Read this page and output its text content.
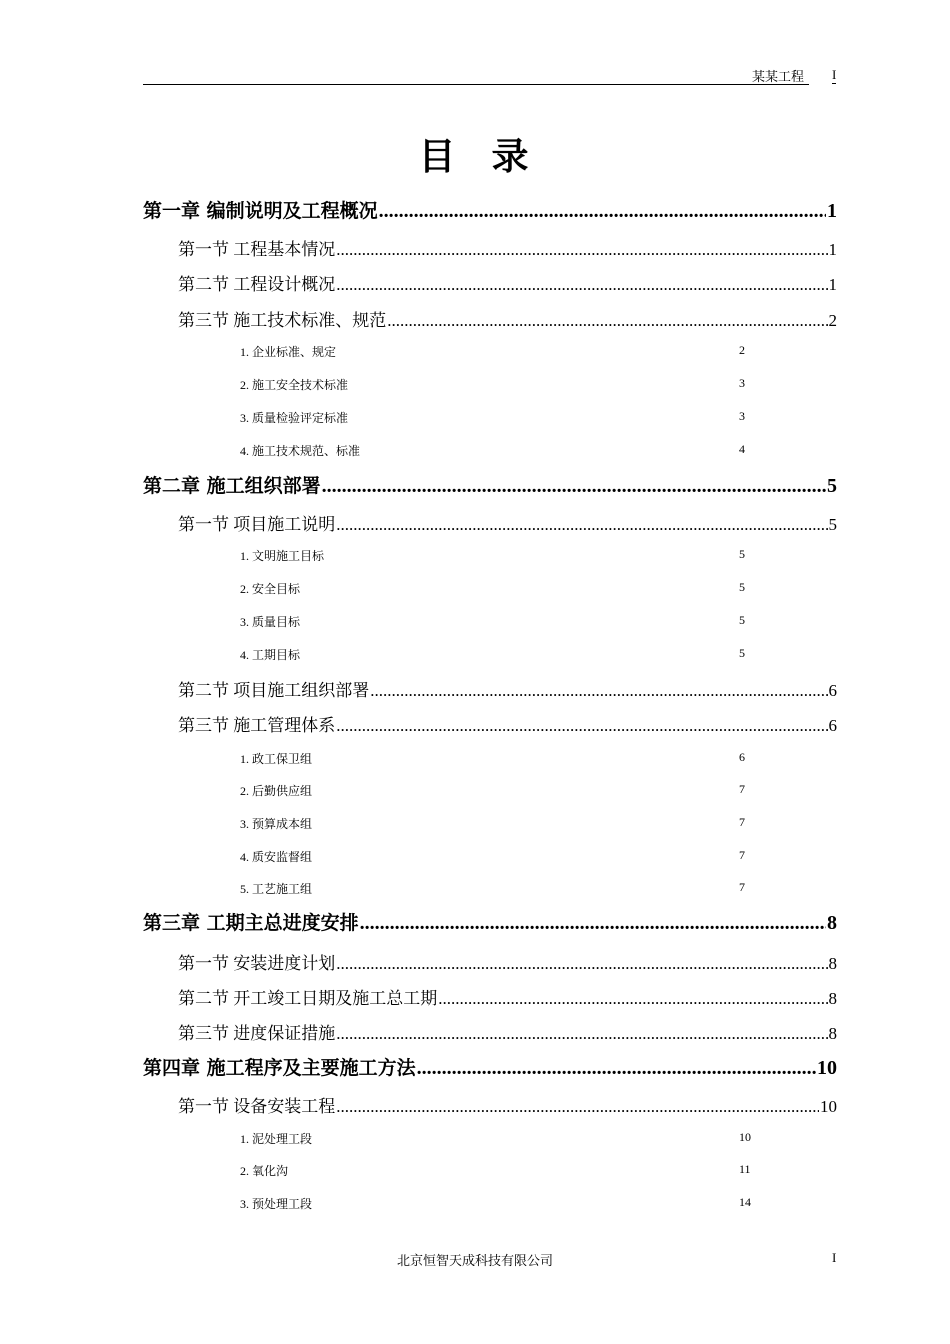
某某工程 I
目录
第一章 编制说明及工程概况 .....	1
第一节 工程基本情况 .....	1
第二节 工程设计概况 .....	1
第三节 施工技术标准、规范 .....	2
1. 企业标准、规定	2
2. 施工安全技术标准	3
3. 质量检验评定标准	3
4. 施工技术规范、标准	4
第二章 施工组织部署 .....	5
第一节 项目施工说明 .....	5
1. 文明施工目标	5
2. 安全目标	5
3. 质量目标	5
4. 工期目标	5
第二节 项目施工组织部署 .....	6
第三节 施工管理体系 .....	6
1. 政工保卫组	6
2. 后勤供应组	7
3. 预算成本组	7
4. 质安监督组	7
5. 工艺施工组	7
第三章 工期主总进度安排 .....	8
第一节 安装进度计划 .....	8
第二节 开工竣工日期及施工总工期 .....	8
第三节 进度保证措施 .....	8
第四章 施工程序及主要施工方法 .....	10
第一节 设备安装工程 .....	10
1. 泥处理工段	10
2. 氧化沟	11
3. 预处理工段	14
北京恒智天成科技有限公司	I
